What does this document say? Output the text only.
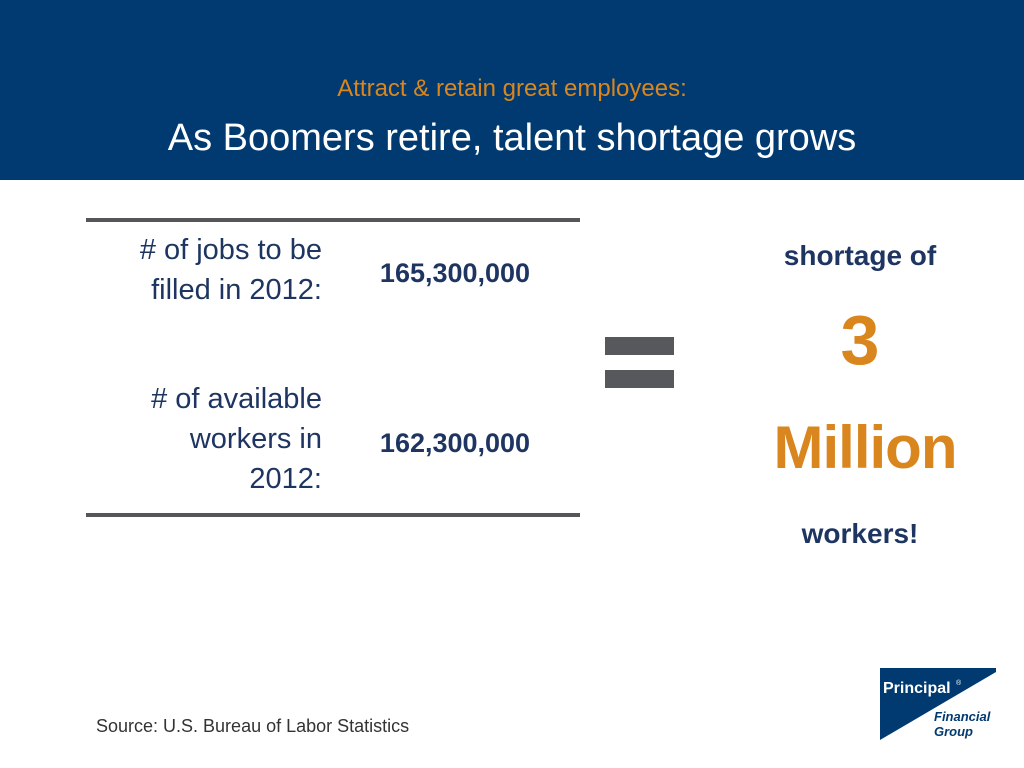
Attract & retain great employees:
As Boomers retire, talent shortage grows
# of jobs to be
filled in 2012:
165,300,000
# of available
workers in
2012:
162,300,000
shortage of
3
Million
workers!
Source: U.S. Bureau of Labor Statistics
Principal ®
Financial
Group
